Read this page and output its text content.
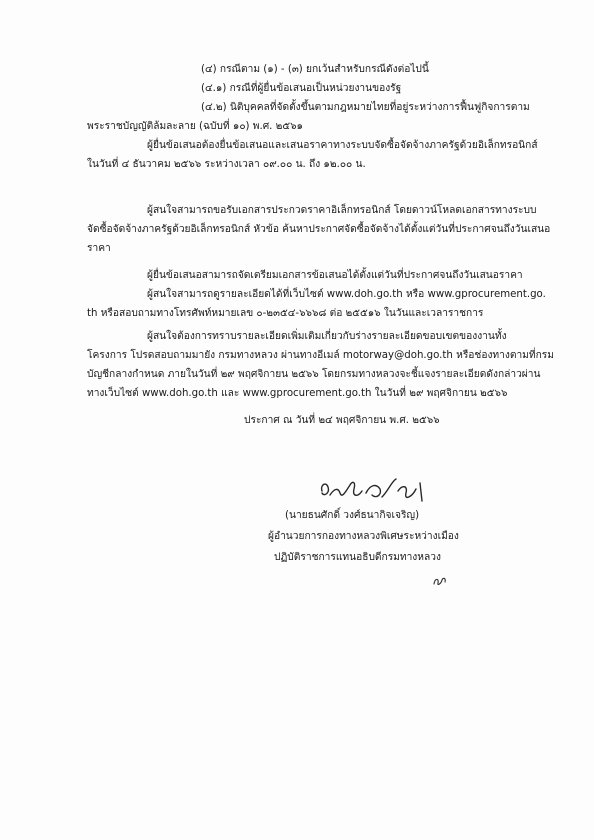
(๔) กรณีตาม (๑) - (๓) ยกเว้นสำหรับกรณีดังต่อไปนี้
(๔.๑) กรณีที่ผู้ยื่นข้อเสนอเป็นหน่วยงานของรัฐ
(๔.๒) นิติบุคคลที่จัดตั้งขึ้นตามกฎหมายไทยที่อยู่ระหว่างการฟื้นฟูกิจการตาม
พระราชบัญญัติล้มละลาย (ฉบับที่ ๑๐) พ.ศ. ๒๕๖๑
ผู้ยื่นข้อเสนอต้องยื่นข้อเสนอและเสนอราคาทางระบบจัดซื้อจัดจ้างภาครัฐด้วยอิเล็กทรอนิกส์
ในวันที่ ๔ ธันวาคม ๒๕๖๖ ระหว่างเวลา ๐๙.๐๐ น. ถึง ๑๒.๐๐ น.
ผู้สนใจสามารถขอรับเอกสารประกวดราคาอิเล็กทรอนิกส์ โดยดาวน์โหลดเอกสารทางระบบ
จัดซื้อจัดจ้างภาครัฐด้วยอิเล็กทรอนิกส์ หัวข้อ ค้นหาประกาศจัดซื้อจัดจ้างได้ตั้งแต่วันที่ประกาศจนถึงวันเสนอ
ราคา
ผู้ยื่นข้อเสนอสามารถจัดเตรียมเอกสารข้อเสนอได้ตั้งแต่วันที่ประกาศจนถึงวันเสนอราคา
ผู้สนใจสามารถดูรายละเอียดได้ที่เว็บไซต์ www.doh.go.th หรือ www.gprocurement.go.
th หรือสอบถามทางโทรศัพท์หมายเลข ๐-๒๓๕๔-๖๖๖๘ ต่อ ๒๕๕๑๖ ในวันและเวลาราชการ
ผู้สนใจต้องการทราบรายละเอียดเพิ่มเติมเกี่ยวกับร่างรายละเอียดขอบเขตของงานทั้ง
โครงการ โปรดสอบถามมายัง กรมทางหลวง ผ่านทางอีเมล์ motorway@doh.go.th หรือช่องทางตามที่กรม
บัญชีกลางกำหนด ภายในวันที่ ๒๙ พฤศจิกายน ๒๕๖๖ โดยกรมทางหลวงจะชี้แจงรายละเอียดดังกล่าวผ่าน
ทางเว็บไซต์ www.doh.go.th และ www.gprocurement.go.th ในวันที่ ๒๙ พฤศจิกายน ๒๕๖๖
ประกาศ ณ วันที่ ๒๔ พฤศจิกายน พ.ศ. ๒๕๖๖
(นายธนศักดิ์ วงศ์ธนากิจเจริญ)
ผู้อำนวยการกองทางหลวงพิเศษระหว่างเมือง
ปฏิบัติราชการแทนอธิบดีกรมทางหลวง
